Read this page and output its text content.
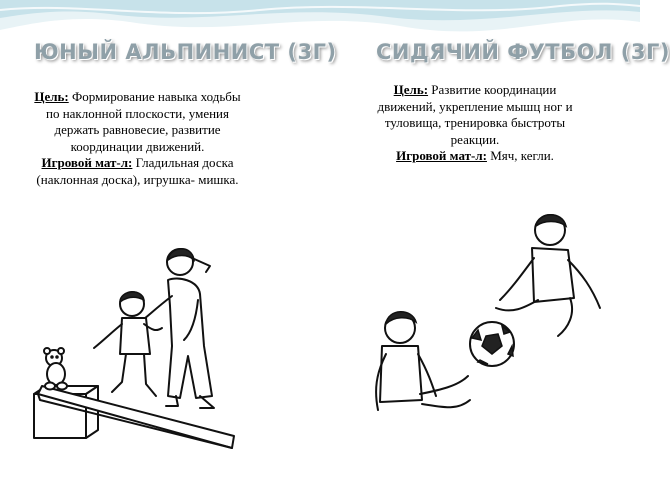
ЮНЫЙ АЛЬПИНИСТ (3Г) СИДЯЧИЙ ФУТБОЛ (3Г)
Цель: Формирование навыка ходьбы по наклонной плоскости, умения держать равновесие, развитие координации движений.
Игровой мат-л: Гладильная доска (наклонная доска), игрушка- мишка.
Цель: Развитие координации движений, укрепление мышц ног и туловища, тренировка быстроты реакции.
Игровой мат-л: Мяч, кегли.
